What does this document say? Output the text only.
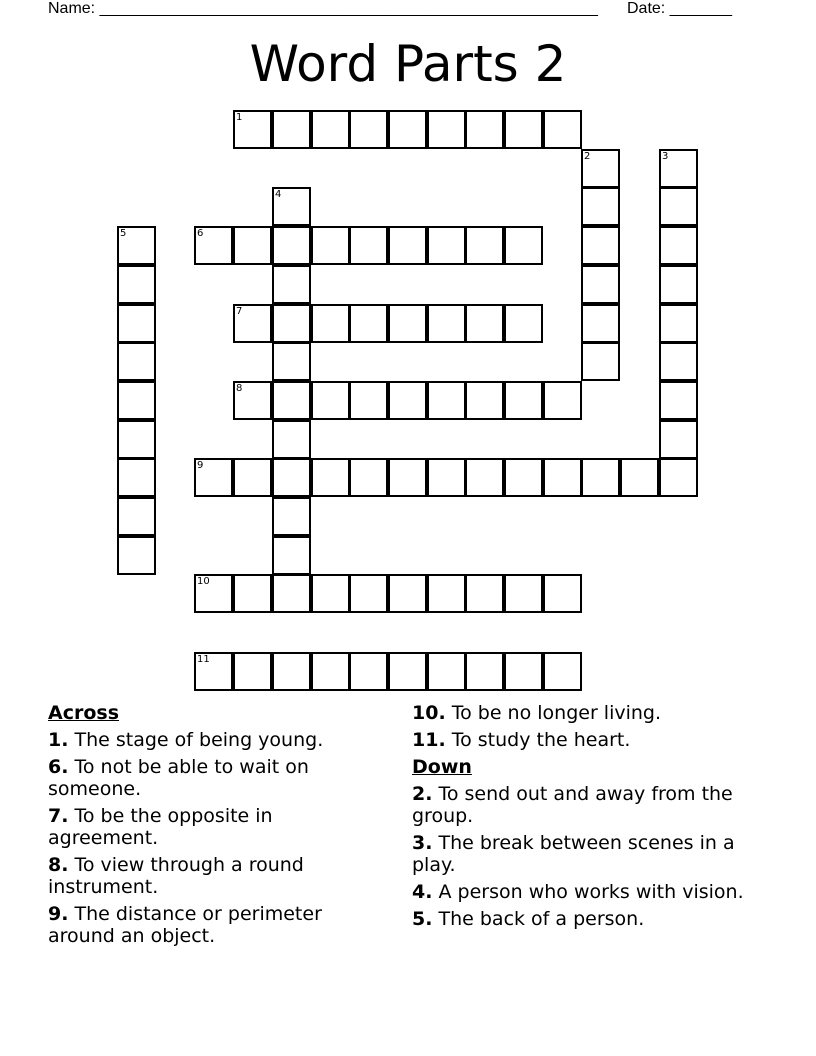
Name: ________________________________________________________ Date: _______
Word Parts 2
1
2	3
4
5	6
7
8
9
10
11
Across
1. The stage of being young.
6. To not be able to wait on someone.
7. To be the opposite in agreement.
8. To view through a round instrument.
9. The distance or perimeter around an object.
10. To be no longer living.
11. To study the heart.
Down
2. To send out and away from the group.
3. The break between scenes in a play.
4. A person who works with vision.
5. The back of a person.
